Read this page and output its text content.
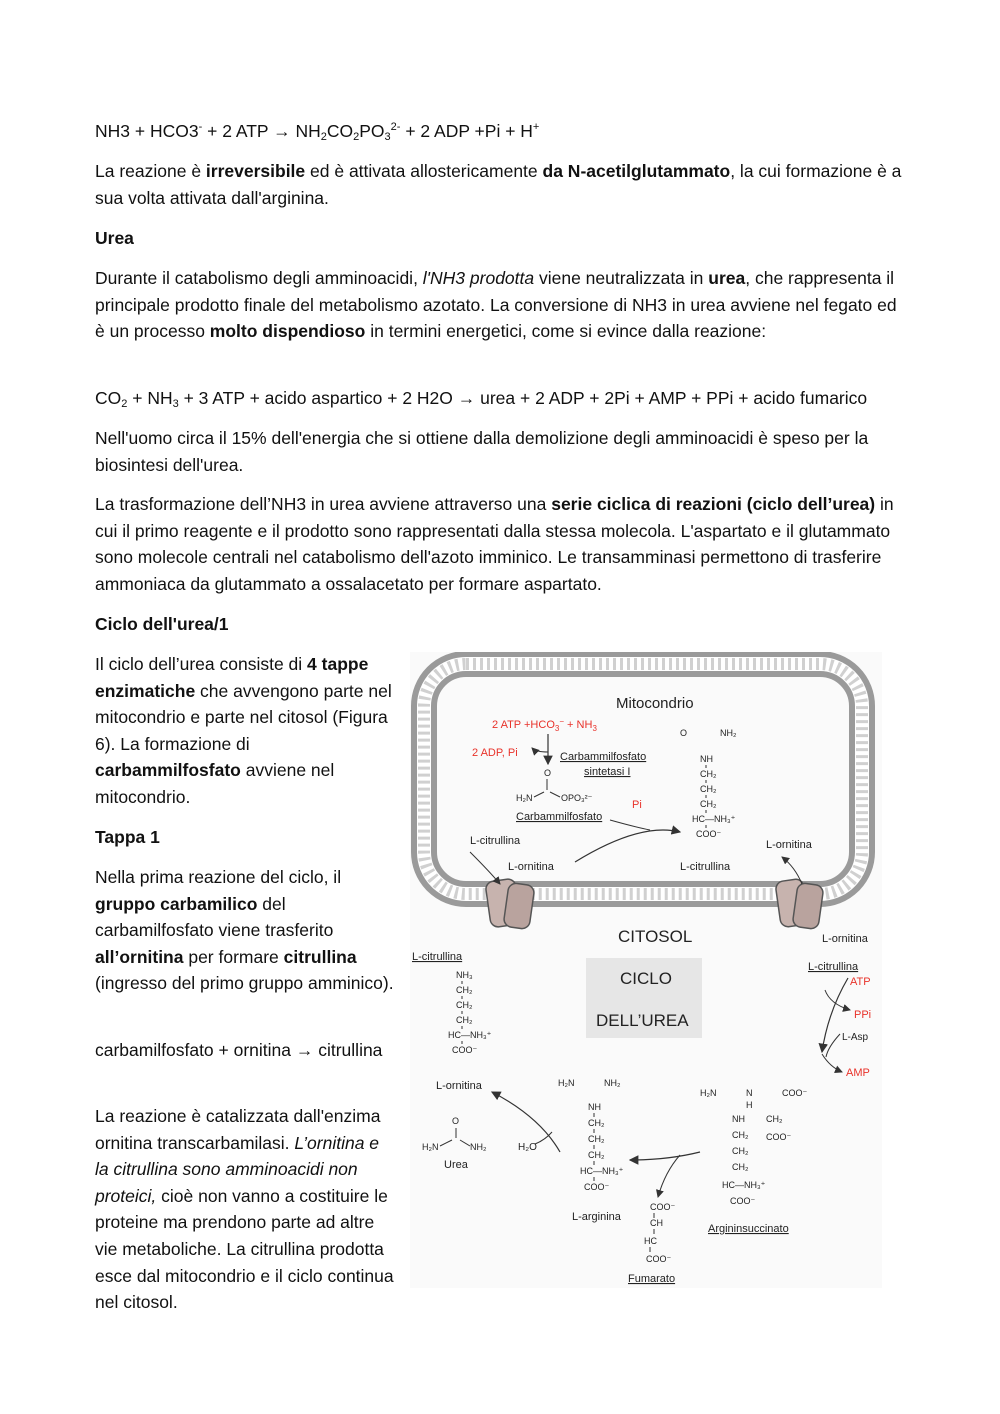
NH3 + HCO3- + 2 ATP → $NH_2CO_2PO_3^{2-} + 2$ ADP +Pi + H+

La reazione è irreversibile ed è attivata allostericamente da N-acetilglutammato, la cui formazione è a sua volta attivata dall'arginina.

Urea

Durante il catabolismo degli amminoacidi, l'NH3 prodotta viene neutralizzata in urea, che rappresenta il principale prodotto finale del metabolismo azotato. La conversione di NH3 in urea avviene nel fegato ed è un processo molto dispendioso in termini energetici, come si evince dalla reazione:

$CO_2 + NH_3 + 3$ ATP + acido aspartico + 2 H2O → urea + 2 ADP + 2Pi + AMP + PPi + acido fumarico

Nell'uomo circa il 15% dell'energia che si ottiene dalla demolizione degli amminoacidi è speso per la biosintesi dell'urea.

La trasformazione dell’NH3 in urea avviene attraverso una serie ciclica di reazioni (ciclo dell’urea) in cui il primo reagente e il prodotto sono rappresentati dalla stessa molecola. L'aspartato e il glutammato sono molecole centrali nel catabolismo dell'azoto imminico. Le transamminasi permettono di trasferire ammoniaca da glutammato a ossalacetato per formare aspartato.

Ciclo dell'urea/1

Il ciclo dell’urea consiste di 4 tappe enzimatiche che avvengono parte nel mitocondrio e parte nel citosol (Figura 6). La formazione di carbammilfosfato avviene nel mitocondrio.

Tappa 1

Nella prima reazione del ciclo, il gruppo carbamilico del carbamilfosfato viene trasferito all’ornitina per formare citrullina (ingresso del primo gruppo amminico).

carbamilfosfato + ornitina → citrullina

La reazione è catalizzata dall'enzima ornitina transcarbamilasi. L’ornitina e la citrullina sono amminoacidi non proteici, cioè non vanno a costituire le proteine ma prendono parte ad altre vie metaboliche. La citrullina prodotta esce dal mitocondrio e il ciclo continua nel citosol.

Mitocondrio
2 ATP $+HCO_3^- + NH_3$
2 ADP, Pi	Carbammilfosfato
sintetasi I
O
H₂N	OPO₃²⁻
Carbammilfosfato
Pi
O	NH₂
NH
CH₂
CH₂
CH₂
HC—NH₃⁺
COO⁻
L-citrullina
L-ornitina	L-citrullina
L-ornitina
CITOSOL
CICLO
DELL’UREA
L-citrullina
NH₃
CH₂
CH₂
CH₂
HC—NH₃⁺
COO⁻
L-ornitina
L-ornitina
L-citrullina
ATP
PPi
L-Asp
AMP
O
H₂N	NH₂
Urea
H₂O
H₂N	NH₂
NH
CH₂
CH₂
CH₂
HC—NH₃⁺
COO⁻
L-arginina
H₂N	N
H
COO⁻
NH CH₂
CH₂ COO⁻
CH₂
CH₂
HC—NH₃⁺
COO⁻
Argininsuccinato
COO⁻
CH
HC
COO⁻
Fumarato
